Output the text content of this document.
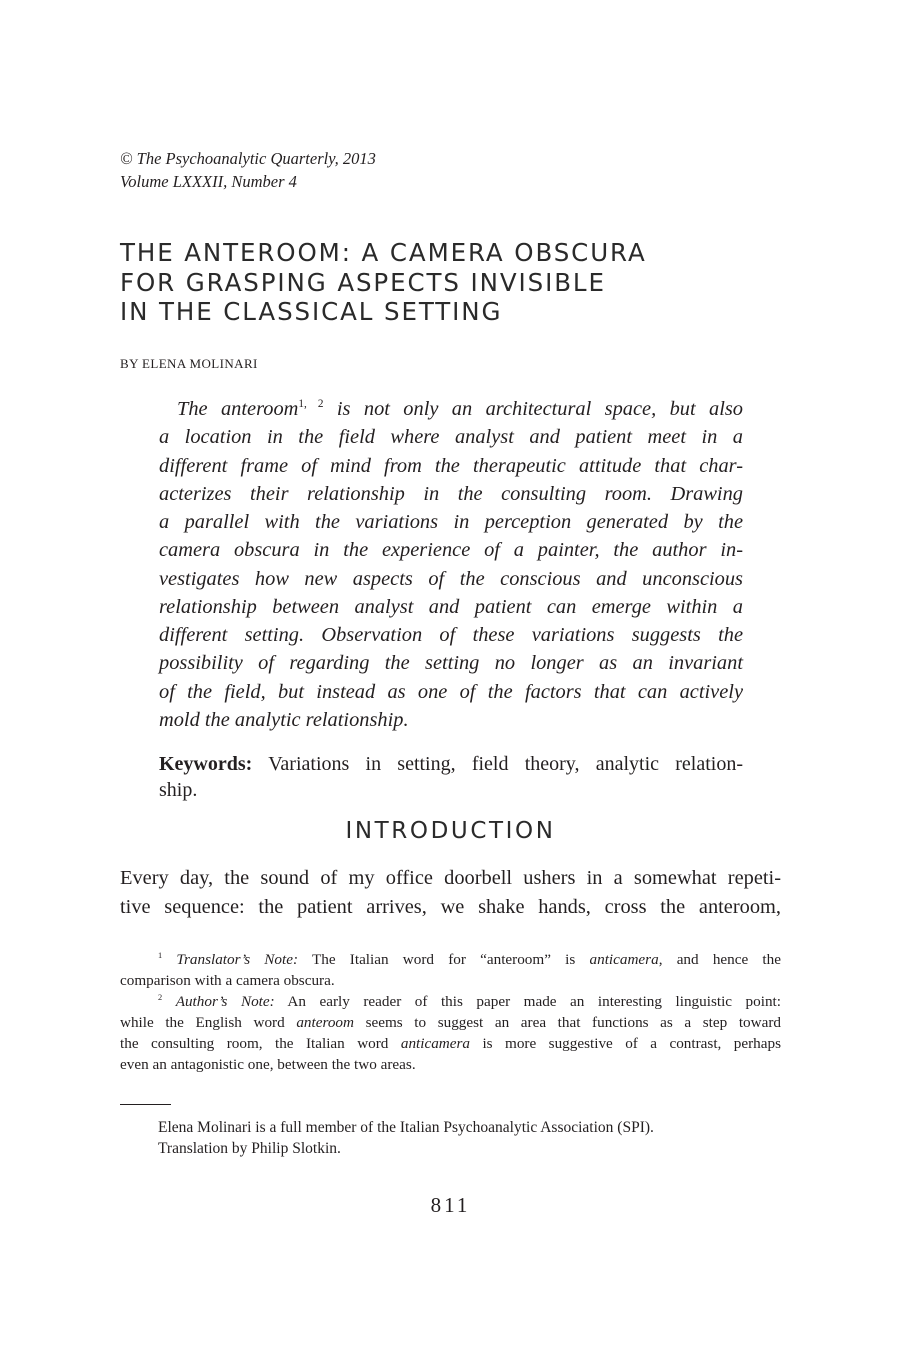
© The Psychoanalytic Quarterly, 2013
Volume LXXXII, Number 4
THE ANTEROOM: A CAMERA OBSCURA
FOR GRASPING ASPECTS INVISIBLE
IN THE CLASSICAL SETTING
BY ELENA MOLINARI
The anteroom$^{1, 2}$ is not only an architectural space, but also
a location in the field where analyst and patient meet in a
different frame of mind from the therapeutic attitude that char-
acterizes their relationship in the consulting room. Drawing
a parallel with the variations in perception generated by the
camera obscura in the experience of a painter, the author in-
vestigates how new aspects of the conscious and unconscious
relationship between analyst and patient can emerge within a
different setting. Observation of these variations suggests the
possibility of regarding the setting no longer as an invariant
of the field, but instead as one of the factors that can actively
mold the analytic relationship.
Keywords: Variations in setting, field theory, analytic relation-
ship.
INTRODUCTION
Every day, the sound of my office doorbell ushers in a somewhat repeti-
tive sequence: the patient arrives, we shake hands, cross the anteroom,
$^1$ Translator’s Note: The Italian word for “anteroom” is anticamera, and hence the
comparison with a camera obscura.
$^2$ Author’s Note: An early reader of this paper made an interesting linguistic point:
while the English word anteroom seems to suggest an area that functions as a step toward
the consulting room, the Italian word anticamera is more suggestive of a contrast, perhaps
even an antagonistic one, between the two areas.
Elena Molinari is a full member of the Italian Psychoanalytic Association (SPI).
Translation by Philip Slotkin.
811
